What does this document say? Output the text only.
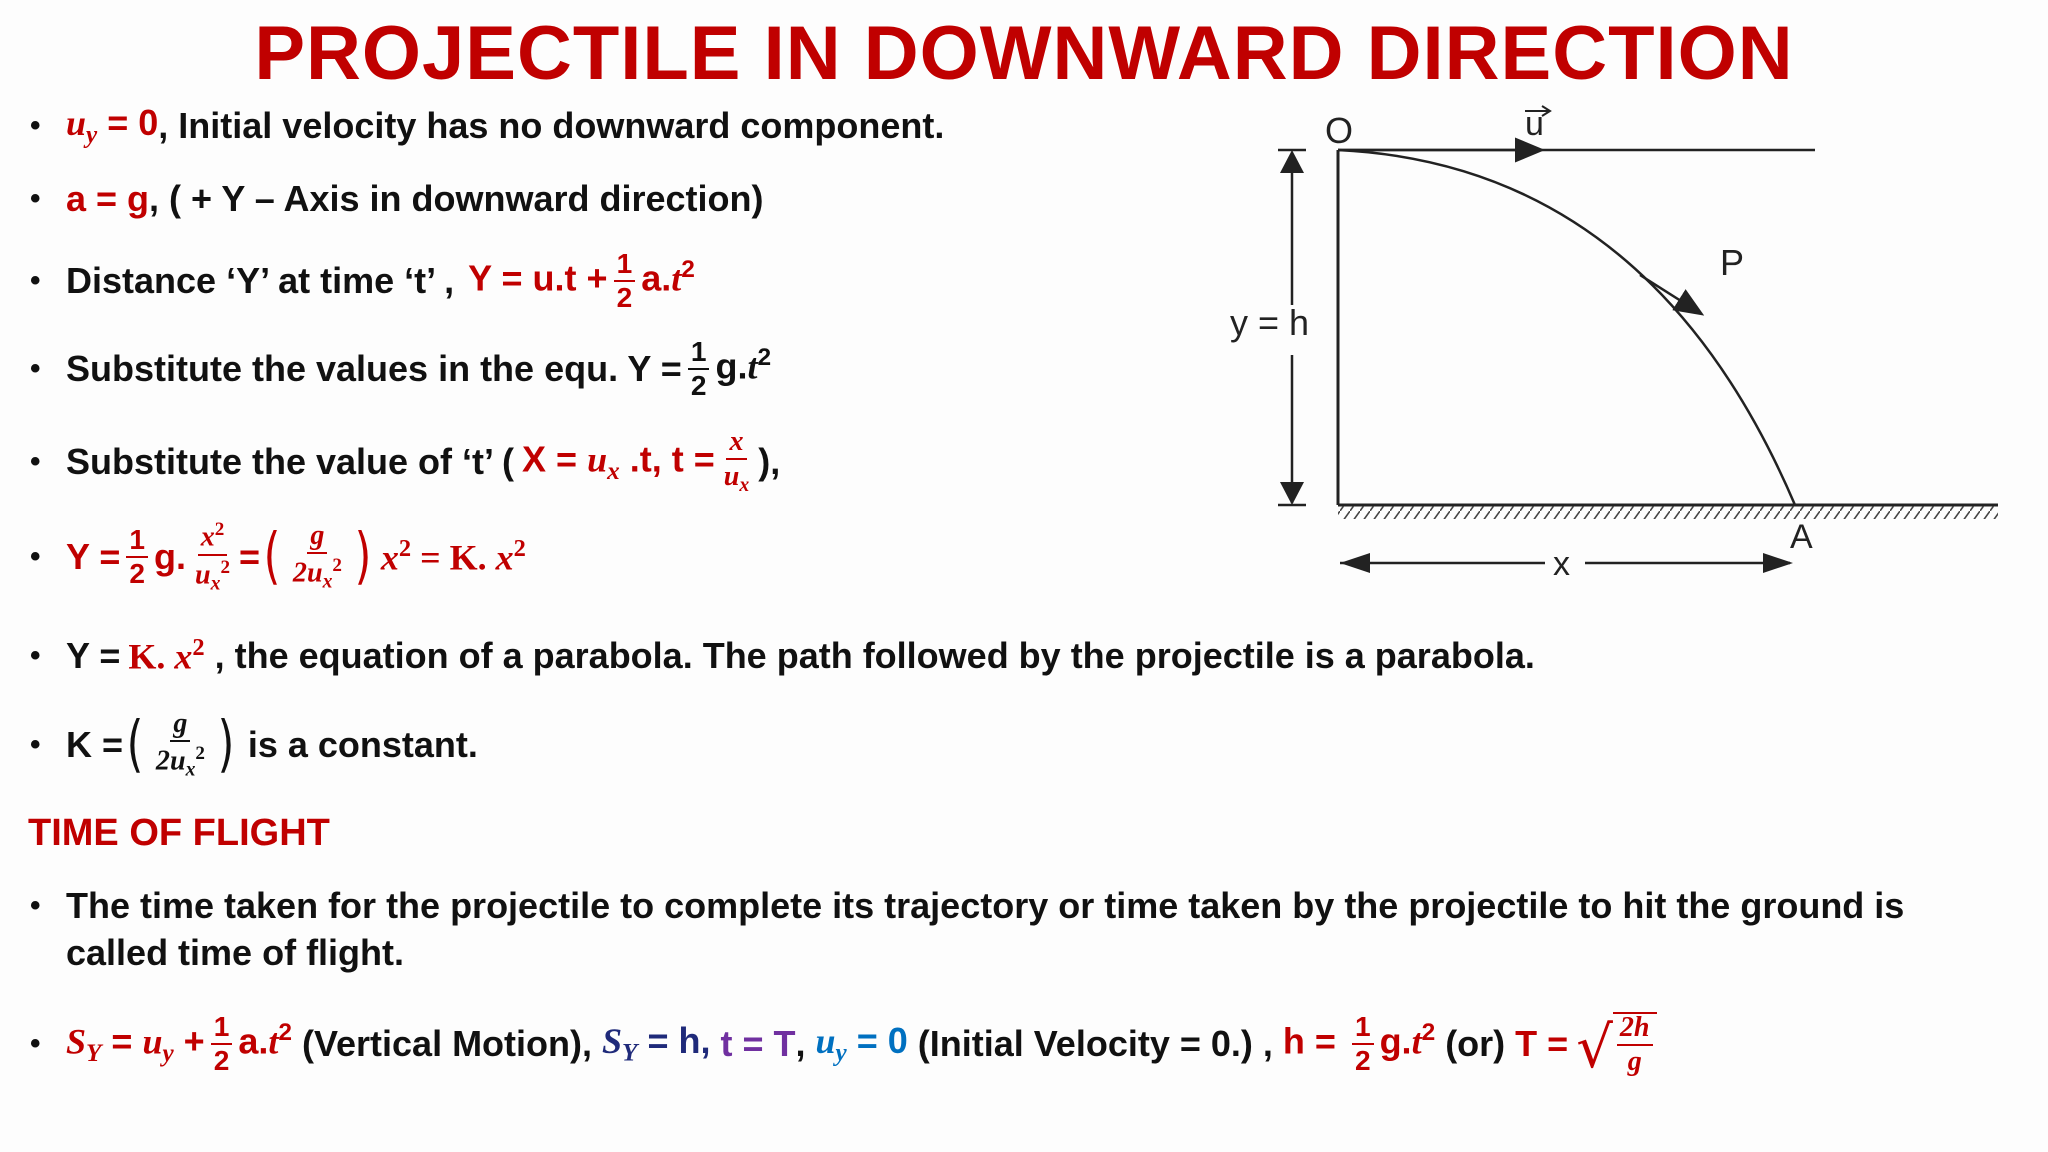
PROJECTILE IN DOWNWARD DIRECTION
• $u_y = 0$ , Initial velocity has no downward component.
• a = g , ( + Y – Axis in downward direction)
• Distance ‘Y’ at time ‘t’ , $Y = u.t + \frac{1}{2} a.t^2$
• Substitute the values in the equ. $Y = \frac{1}{2} g.t^2$
• Substitute the value of ‘t’ ( $X = u_x$ .t, $t = \frac{x}{u_x}$ ),
• $Y = \frac{1}{2} g$. $\frac{x^2}{u_x^2}$ = ( $\frac{g}{2u_x^2}$ ) $x^2 = K$. $x^2$
• Y = K. $x^2$ , the equation of a parabola. The path followed by the projectile is a parabola.
• K = ( $\frac{g}{2u_x^2}$ ) is a constant.
TIME OF FLIGHT
• The time taken for the projectile to complete its trajectory or time taken by the projectile to hit the ground is called time of flight.
• $S_Y = u_y + \frac{1}{2} a.t^2$ (Vertical Motion), $S_Y = h$, t = T , $u_y = 0$ (Initial Velocity = 0.) , $h = \frac{1}{2} g.t^2$ (or) T = √ $\frac{2h}{g}$
O	u
P
y = h
A
x
